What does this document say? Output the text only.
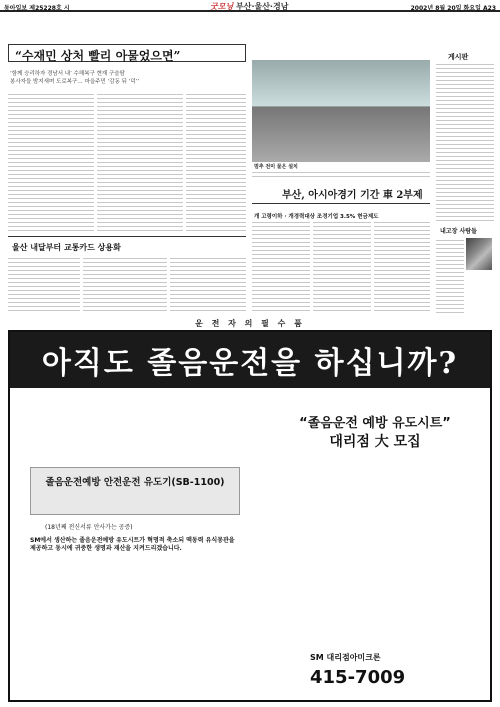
동아일보 제25228호 시	굿모닝 부산·울산·경남	2002년 8월 20일 화요일 A23
“수재민 상처 빨리 아물었으면”
‘함께 승리하자 경남서 내’ 수해복구 현재 구슬땀
봉사자들 밤지새며 도로복구… 마을주민 ‘감동 뒤 ‘덕’’
울산 내달부터 교통카드 상용화
멈추 전미 물은 설치
부산, 아시아경기 기간 車 2부제
개 고령이하 · 개경력대상 조경기업 3.5% 현금제도
게시판
내고장 사람들
운 전 자 의 필 수 품
아직도 졸음운전을 하십니까?
“졸음운전 예방 유도시트”
대리점 大 모집
졸음운전예방 안전운전 유도기(SB-1100)
(18년째 전신서류 안사가는 공증)
SM에서 생산하는 졸음운전예방 유도시트가 혁명적 축소되 맥동력 유식몽관을 제공하고 동시에 귀중한 생명과 재산을 지켜드리겠습니다.
SM 대리점아미크론
415-7009
